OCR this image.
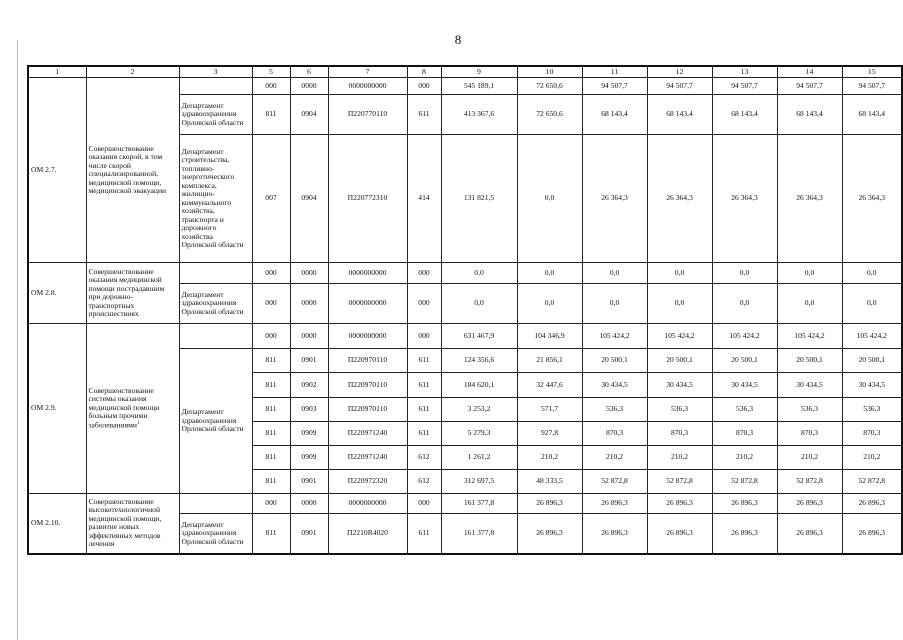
8
1	2	3	5	6	7	8	9	10	11	12	13	14	15
ОМ 2.7.	Совершенствование оказания скорой, в том числе скорой специализированной, медицинской помощи, медицинской эвакуации		000	0000	0000000000	000	545 189,1	72 650,6	94 507,7	94 507,7	94 507,7	94 507,7	94 507,7
		Департамент здравоохранения Орловской области	811	0904	П220770110	611	413 367,6	72 650,6	68 143,4	68 143,4	68 143,4	68 143,4	68 143,4
		Департамент строительства, топливно-энергетического комплекса, жилищно-коммунального хозяйства, транспорта и дорожного хозяйства Орловской области	007	0904	П220772310	414	131 821,5	0,0	26 364,3	26 364,3	26 364,3	26 364,3	26 364,3
ОМ 2.8.	Совершенствование оказания медицинской помощи пострадавшим при дорожно-транспортных происшествиях		000	0000	0000000000	000	0,0	0,0	0,0	0,0	0,0	0,0	0,0
		Департамент здравоохранения Орловской области	000	0000	0000000000	000	0,0	0,0	0,0	0,0	0,0	0,0	0,0
ОМ 2.9.	Совершенствование системы оказания медицинской помощи больным прочими заболеваниями$^1$		000	0000	0000000000	000	631 467,9	104 346,9	105 424,2	105 424,2	105 424,2	105 424,2	105 424,2
		Департамент здравоохранения Орловской области	811	0901	П220970110	611	124 356,6	21 856,1	20 500,1	20 500,1	20 500,1	20 500,1	20 500,1
			811	0902	П220970110	611	184 620,1	32 447,6	30 434,5	30 434,5	30 434,5	30 434,5	30 434,5
			811	0903	П220970110	611	3 253,2	571,7	536,3	536,3	536,3	536,3	536,3
			811	0909	П220971240	611	5 279,3	927,8	870,3	870,3	870,3	870,3	870,3
			811	0909	П220971240	612	1 261,2	210,2	210,2	210,2	210,2	210,2	210,2
			811	0901	П220972320	612	312 697,5	48 333,5	52 872,8	52 872,8	52 872,8	52 872,8	52 872,8
ОМ 2.10.	Совершенствование высокотехнологичной медицинской помощи, развитие новых эффективных методов лечения		000	0000	0000000000	000	161 377,8	26 896,3	26 896,3	26 896,3	26 896,3	26 896,3	26 896,3
		Департамент здравоохранения Орловской области	811	0901	П2210R4020	611	161 377,8	26 896,3	26 896,3	26 896,3	26 896,3	26 896,3	26 896,3
